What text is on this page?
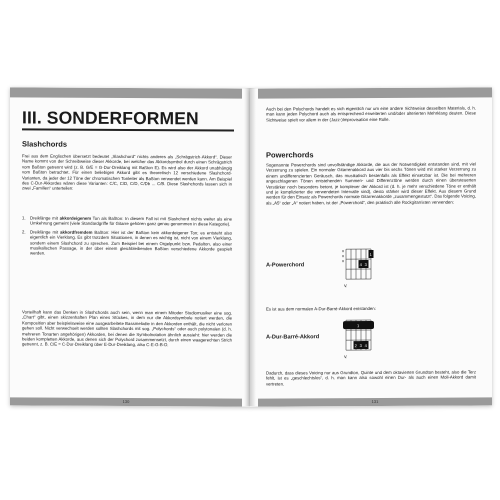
III. SONDERFORMEN
Slashchords

Frei aus dem Englischen übersetzt bedeutet „Slashchord“ nichts anderes als „Schrägstrich-Akkord“. Dieser Name kommt von der Schreibweise dieser Akkorde, bei welcher das Akkordsymbol durch einen Schrägstrich vom Baßton getrennt wird (z. B. G/E = G-Dur-Dreiklang mit Baßton E). Es wird also der Akkord unabhängig vom Baßton betrachtet. Für einen beliebigen Akkord gibt es theoretisch 12 verschiedene Slashchord-Varianten, da jeder der 12 Töne der chromatischen Tonleiter als Baßton verwendet werden kann. Am Beispiel des C-Dur-Akkordes wären diese Varianten: C/C, C/D, C/D, C/Db ... C/B. Diese Slashchords lassen sich in zwei „Familien“ unterteilen:

1.	Dreiklänge mit akkordeigenem Ton als Baßton: In diesem Fall ist mit Slashchord nichts weiter als eine Umkehrung gemeint (viele Standardgriffe für Gitarre gehören ganz genau genommen in diese Kategorie).
2.	Dreiklänge mit akkordfremdem Baßton: Hier ist der Baßton kein akkordeigener Ton; es entsteht also eigentlich ein Vierklang. Es gibt trotzdem Situationen, in denen es wichtig ist, nicht von einem Vierklang, sondern einem Slashchord zu sprechen. Zum Beispiel bei einem Orgelpunkt bzw. Pedalton, also einer musikalischen Passage, in der über einem gleichbleibenden Baßton verschiedene Akkorde gespielt werden.

Vorteilhaft kann das Denken in Slashchords auch sein, wenn man einem Mitoder Studiomusiker eine sog. „Chart“ gibt, einen skizzenhaften Plan eines Stückes, in dem nur die Akkordsymbole notiert werden, die Komposition aber beispielsweise eine ausgearbeitete Bassmelodie in den Akkorden enthält, die nicht verloren gehen soll. Nicht verwechselt werden sollten Slashchords mit sog. „Polychords“ oder auch polytonalen (d. h. mehreren Tonarten angehörigen) Akkorden, bei denen die Symbolnotation ähnlich aussieht: hier werden die beiden kompletten Akkorde, aus denen sich der Polychord zusammensetzt, durch einen waagerechten Strich getrennt, z. B. C/E = C-Dur-Dreiklang über E-Dur-Dreiklang, also C-E-G-B-D.

130

Auch bei den Polychords handelt es sich eigentlich nur um eine andere Sichtweise desselben Materials, d. h. man kann jeden Polychord auch als entsprechend erweiterten und/oder alterierten Mehrklang deuten. Diese Sichtweise spielt vor allem in der (Jazz-)Improvisation eine Rolle.

Powerchords

Sogenannte Powerchords sind unvollständige Akkorde, die aus der Notwendigkeit entstanden sind, mit viel Verzerrung zu spielen. Ein normaler Gitarrenakkord aus vier bis sechs Tönen wird mit starker Verzerrung zu einem undifferenzierten Geräusch, das musikalisch bestenfalls als Effekt einsetzbar ist. Die bei mehreren angeschlagenen Tönen entstehenden Summen- und Differenztöne werden durch einen übersteuerten Verstärker noch besonders betont, je komplexer der Akkord ist (d. h. je mehr verschiedene Töne er enthält und je komplizierter die verwendeten Intervalle sind), desto stärker wird dieser Effekt. Aus diesem Grund werden für den Einsatz als Powerchords normale Gitarrenakkorde „zusammengestutzt“. Das folgende Voicing, als „A5“ oder „A“ notiert haben, ist der „Powerchord“, den praktisch alle Rockgitarristen verwenden:

A-Powerchord
x
x
x
4 3
1
V.
Es ist aus dem normalen A-Dur-Barré-Akkord entstanden:
A-Dur-Barré-Akkord
1
2 3 4
V.

Dadurch, dass dieses Voicing nur aus Grundton, Quinte und dem oktavierten Grundton besteht, also die Terz fehlt, ist es „geschlechtslos“, d. h. man kann also sowohl einen Dur- als auch einen Moll-Akkord damit vertreten.

131
